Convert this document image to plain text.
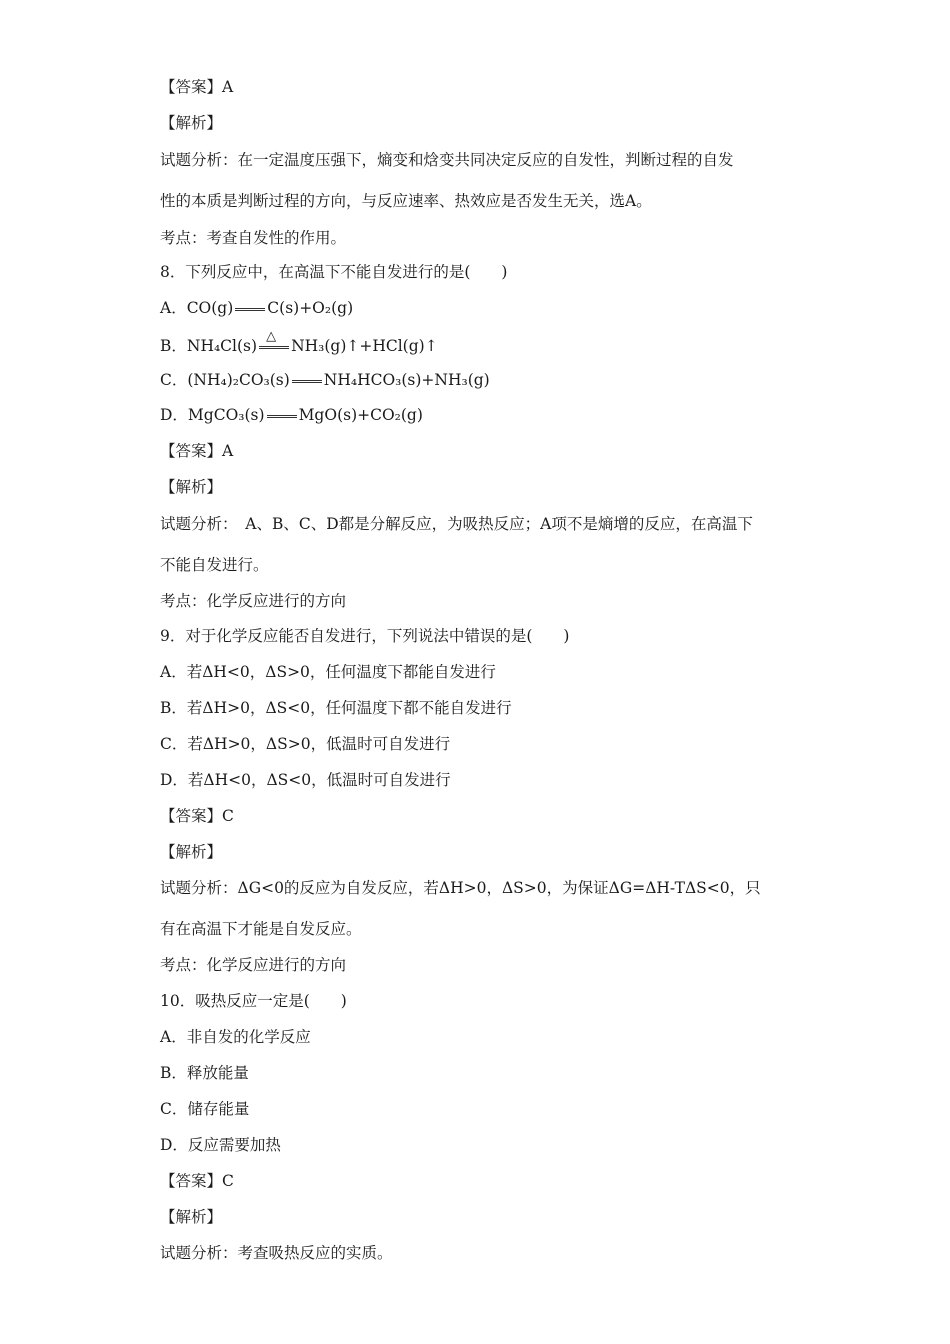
【答案】A
【解析】
试题分析：在一定温度压强下，熵变和焓变共同决定反应的自发性，判断过程的自发
性的本质是判断过程的方向，与反应速率、热效应是否发生无关，选A。
考点：考查自发性的作用。
8．下列反应中，在高温下不能自发进行的是(　　)
A．CO(g) C(s)+O₂(g)
B．NH₄Cl(s)△ NH₃(g)↑+HCl(g)↑
C．(NH₄)₂CO₃(s) NH₄HCO₃(s)+NH₃(g)
D．MgCO₃(s) MgO(s)+CO₂(g)
【答案】A
【解析】
试题分析：　A、B、C、D都是分解反应，为吸热反应；A项不是熵增的反应，在高温下
不能自发进行。
考点：化学反应进行的方向
9．对于化学反应能否自发进行，下列说法中错误的是(　　)
A．若ΔH<0，ΔS>0，任何温度下都能自发进行
B．若ΔH>0，ΔS<0，任何温度下都不能自发进行
C．若ΔH>0，ΔS>0，低温时可自发进行
D．若ΔH<0，ΔS<0，低温时可自发进行
【答案】C
【解析】
试题分析：ΔG<0的反应为自发反应，若ΔH>0，ΔS>0，为保证ΔG=ΔH-TΔS<0，只
有在高温下才能是自发反应。
考点：化学反应进行的方向
10．吸热反应一定是(　　)
A．非自发的化学反应
B．释放能量
C．储存能量
D．反应需要加热
【答案】C
【解析】
试题分析：考查吸热反应的实质。
